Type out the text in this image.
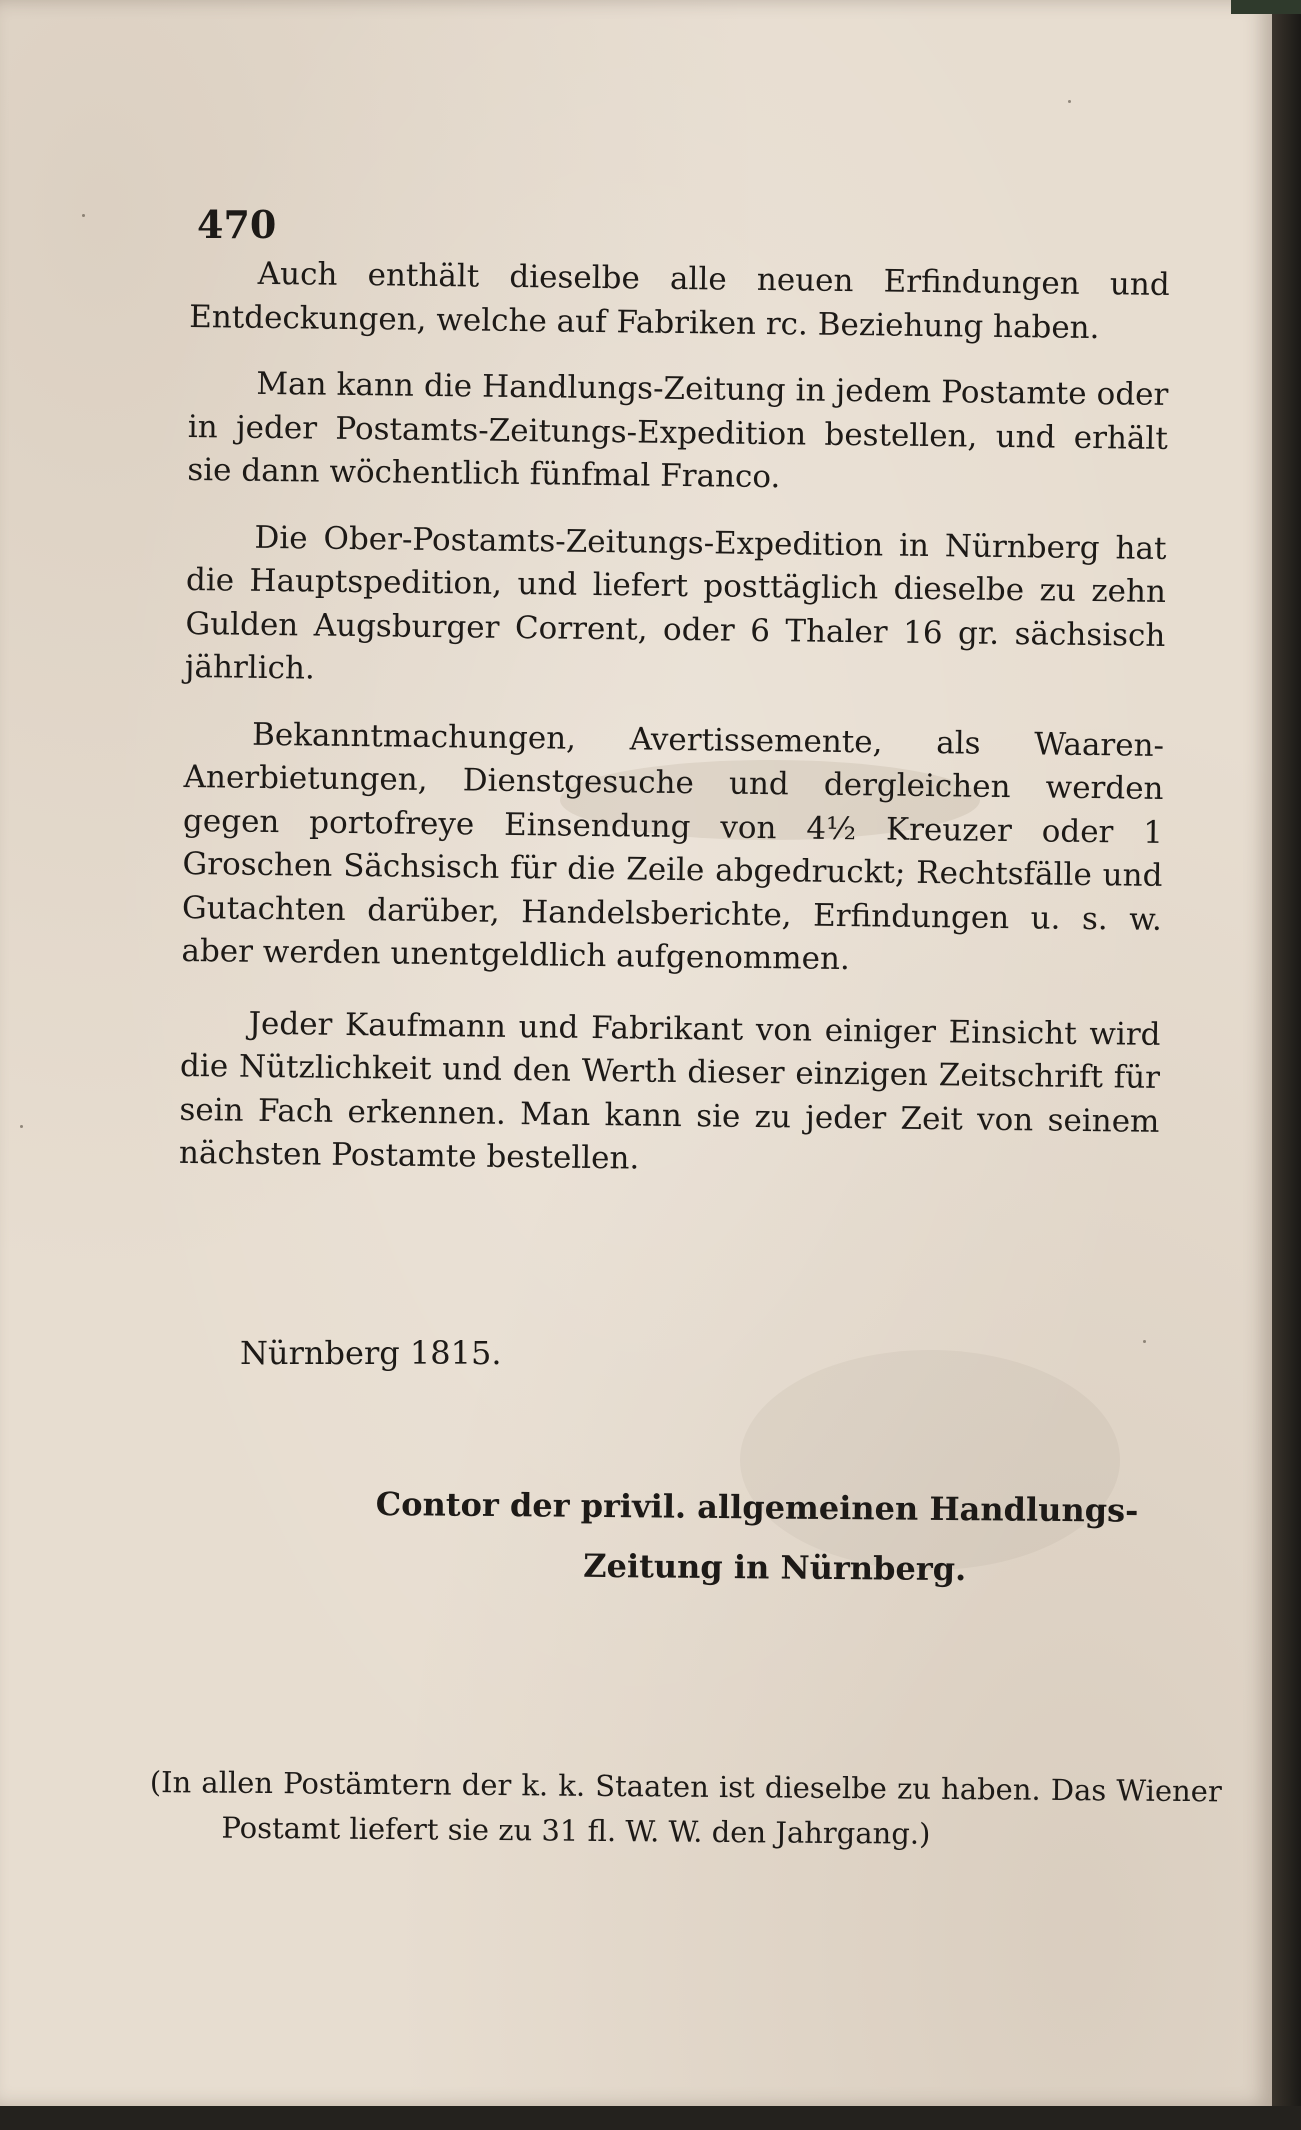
470

Auch enthält dieselbe alle neuen Erfindungen und Entdeckungen, welche auf Fabriken rc. Beziehung haben.

Man kann die Handlungs-Zeitung in jedem Postamte oder in jeder Postamts-Zeitungs-Expedition bestellen, und erhält sie dann wöchentlich fünfmal Franco.

Die Ober-Postamts-Zeitungs-Expedition in Nürnberg hat die Hauptspedition, und liefert posttäglich dieselbe zu zehn Gulden Augsburger Corrent, oder 6 Thaler 16 gr. sächsisch jährlich.

Bekanntmachungen, Avertissemente, als Waaren-Anerbietungen, Dienstgesuche und dergleichen werden gegen portofreye Einsendung von 4½ Kreuzer oder 1 Groschen Sächsisch für die Zeile abgedruckt; Rechtsfälle und Gutachten darüber, Handelsberichte, Erfindungen u. s. w. aber werden unentgeldlich aufgenommen.

Jeder Kaufmann und Fabrikant von einiger Einsicht wird die Nützlichkeit und den Werth dieser einzigen Zeitschrift für sein Fach erkennen. Man kann sie zu jeder Zeit von seinem nächsten Postamte bestellen.

Nürnberg 1815.
Contor der privil. allgemeinen Handlungs-
Zeitung in Nürnberg.
(In allen Postämtern der k. k. Staaten ist dieselbe zu haben. Das Wiener Postamt liefert sie zu 31 fl. W. W. den Jahrgang.)
